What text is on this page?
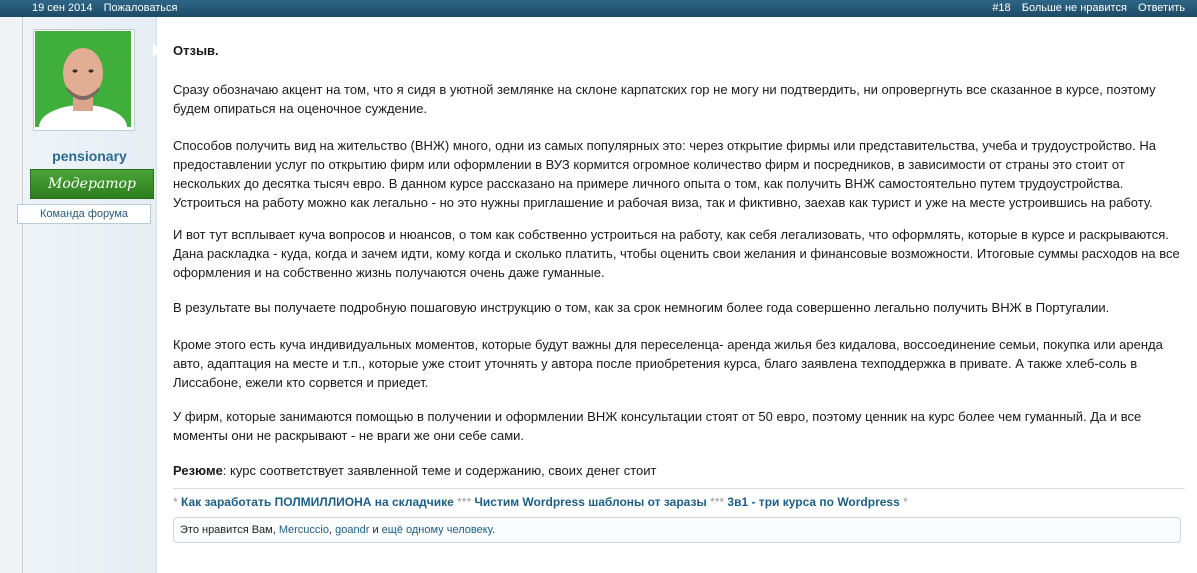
19 сен 2014 Пожаловаться	#18 Больше не нравится Ответить
pensionary
Модератор
Команда форума

Отзыв.

Сразу обозначаю акцент на том, что я сидя в уютной землянке на склоне карпатских гор не могу ни подтвердить, ни опровергнуть все сказанное в курсе, поэтому будем опираться на оценочное суждение.

Способов получить вид на жительство (ВНЖ) много, одни из самых популярных это: через открытие фирмы или представительства, учеба и трудоустройство. На предоставлении услуг по открытию фирм или оформлении в ВУЗ кормится огромное количество фирм и посредников, в зависимости от страны это стоит от нескольких до десятка тысяч евро. В данном курсе рассказано на примере личного опыта о том, как получить ВНЖ самостоятельно путем трудоустройства. Устроиться на работу можно как легально - но это нужны приглашение и рабочая виза, так и фиктивно, заехав как турист и уже на месте устроившись на работу.

И вот тут всплывает куча вопросов и нюансов, о том как собственно устроиться на работу, как себя легализовать, что оформлять, которые в курсе и раскрываются. Дана раскладка - куда, когда и зачем идти, кому когда и сколько платить, чтобы оценить свои желания и финансовые возможности. Итоговые суммы расходов на все оформления и на собственно жизнь получаются очень даже гуманные.

В результате вы получаете подробную пошаговую инструкцию о том, как за срок немногим более года совершенно легально получить ВНЖ в Португалии.

Кроме этого есть куча индивидуальных моментов, которые будут важны для переселенца- аренда жилья без кидалова, воссоединение семьи, покупка или аренда авто, адаптация на месте и т.п., которые уже стоит уточнять у автора после приобретения курса, благо заявлена техподдержка в привате. А также хлеб-соль в Лиссабоне, ежели кто сорвется и приедет.

У фирм, которые занимаются помощью в получении и оформлении ВНЖ консультации стоят от 50 евро, поэтому ценник на курс более чем гуманный. Да и все моменты они не раскрывают - не враги же они себе сами.

Резюме: курс соответствует заявленной теме и содержанию, своих денег стоит

* Как заработать ПОЛМИЛЛИОНА на складчике *** Чистим Wordpress шаблоны от заразы *** 3в1 - три курса по Wordpress *
Это нравится Вам, Mercuccio, goandr и ещё одному человеку.
